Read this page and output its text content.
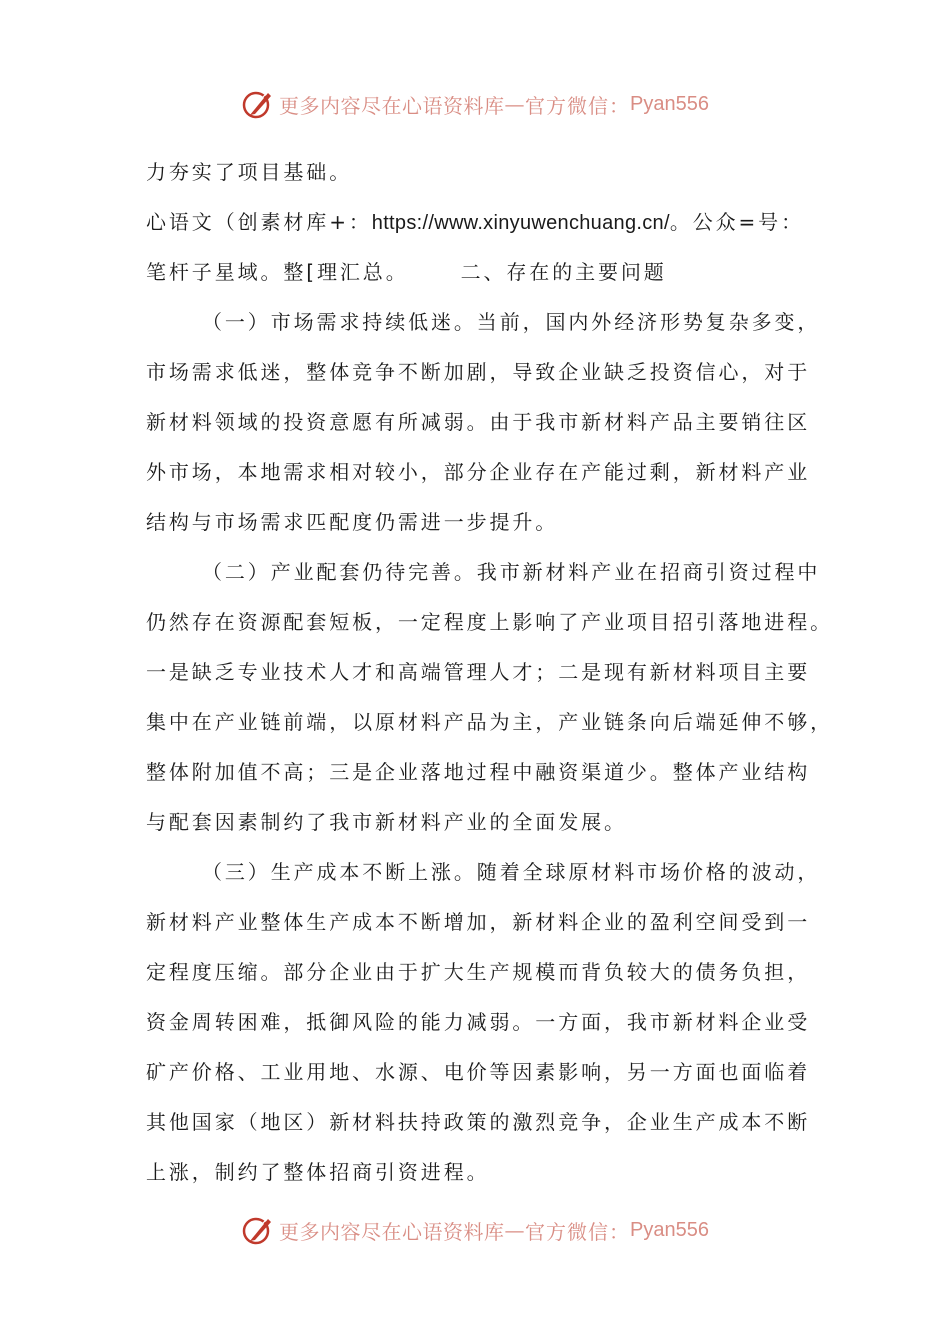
更多内容尽在心语资料库 — 官方微信： Pyan556
力夯实了项目基础。
心语文（创素材库+：https://www.xinyuwenchuang.cn/。公众=号：
笔杆子星域。整[理汇总。	二、存在的主要问题
（一）市场需求持续低迷。当前，国内外经济形势复杂多变，
市场需求低迷，整体竞争不断加剧，导致企业缺乏投资信心，对于
新材料领域的投资意愿有所减弱。由于我市新材料产品主要销往区
外市场，本地需求相对较小，部分企业存在产能过剩，新材料产业
结构与市场需求匹配度仍需进一步提升。
（二）产业配套仍待完善。我市新材料产业在招商引资过程中
仍然存在资源配套短板，一定程度上影响了产业项目招引落地进程。
一是缺乏专业技术人才和高端管理人才；二是现有新材料项目主要
集中在产业链前端，以原材料产品为主，产业链条向后端延伸不够，
整体附加值不高；三是企业落地过程中融资渠道少。整体产业结构
与配套因素制约了我市新材料产业的全面发展。
（三）生产成本不断上涨。随着全球原材料市场价格的波动，
新材料产业整体生产成本不断增加，新材料企业的盈利空间受到一
定程度压缩。部分企业由于扩大生产规模而背负较大的债务负担，
资金周转困难，抵御风险的能力减弱。一方面，我市新材料企业受
矿产价格、工业用地、水源、电价等因素影响，另一方面也面临着
其他国家（地区）新材料扶持政策的激烈竞争，企业生产成本不断
上涨，制约了整体招商引资进程。
更多内容尽在心语资料库 — 官方微信： Pyan556
